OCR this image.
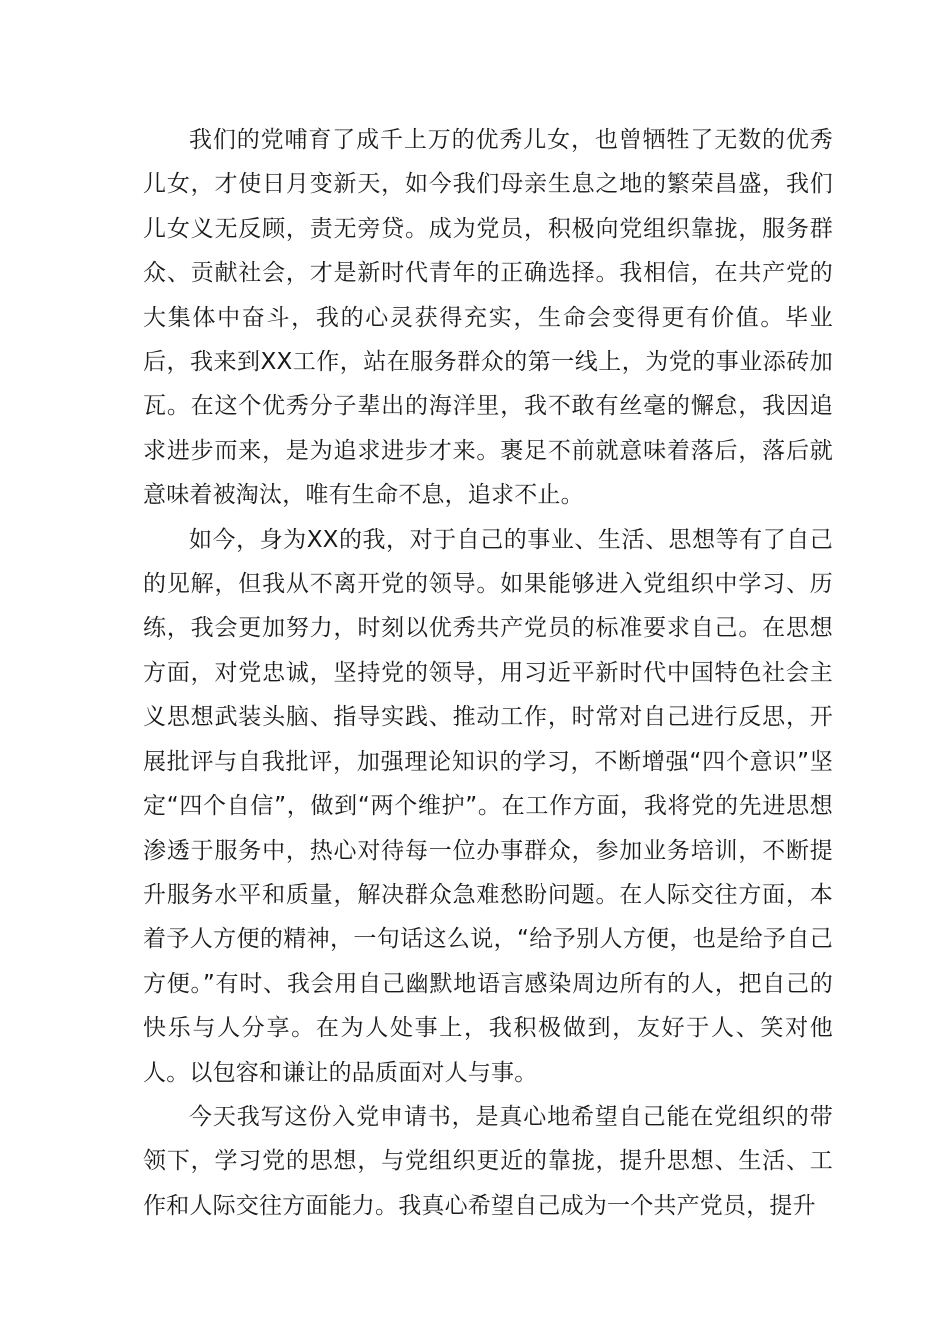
我们的党哺育了成千上万的优秀儿女，也曾牺牲了无数的优秀儿女，才使日月变新天，如今我们母亲生息之地的繁荣昌盛，我们儿女义无反顾，责无旁贷。成为党员，积极向党组织靠拢，服务群众、贡献社会，才是新时代青年的正确选择。我相信，在共产党的大集体中奋斗，我的心灵获得充实，生命会变得更有价值。毕业后，我来到XX工作，站在服务群众的第一线上，为党的事业添砖加瓦。在这个优秀分子辈出的海洋里，我不敢有丝毫的懈怠，我因追求进步而来，是为追求进步才来。裹足不前就意味着落后，落后就意味着被淘汰，唯有生命不息，追求不止。

如今，身为XX的我，对于自己的事业、生活、思想等有了自己的见解，但我从不离开党的领导。如果能够进入党组织中学习、历练，我会更加努力，时刻以优秀共产党员的标准要求自己。在思想方面，对党忠诚，坚持党的领导，用习近平新时代中国特色社会主义思想武装头脑、指导实践、推动工作，时常对自己进行反思，开展批评与自我批评，加强理论知识的学习，不断增强“四个意识”坚定“四个自信”，做到“两个维护”。在工作方面，我将党的先进思想渗透于服务中，热心对待每一位办事群众，参加业务培训，不断提升服务水平和质量，解决群众急难愁盼问题。在人际交往方面，本着予人方便的精神，一句话这么说，“给予别人方便，也是给予自己方便。”有时、我会用自己幽默地语言感染周边所有的人，把自己的快乐与人分享。在为人处事上，我积极做到，友好于人、笑对他人。以包容和谦让的品质面对人与事。

今天我写这份入党申请书，是真心地希望自己能在党组织的带领下，学习党的思想，与党组织更近的靠拢，提升思想、生活、工作和人际交往方面能力。我真心希望自己成为一个共产党员，提升
